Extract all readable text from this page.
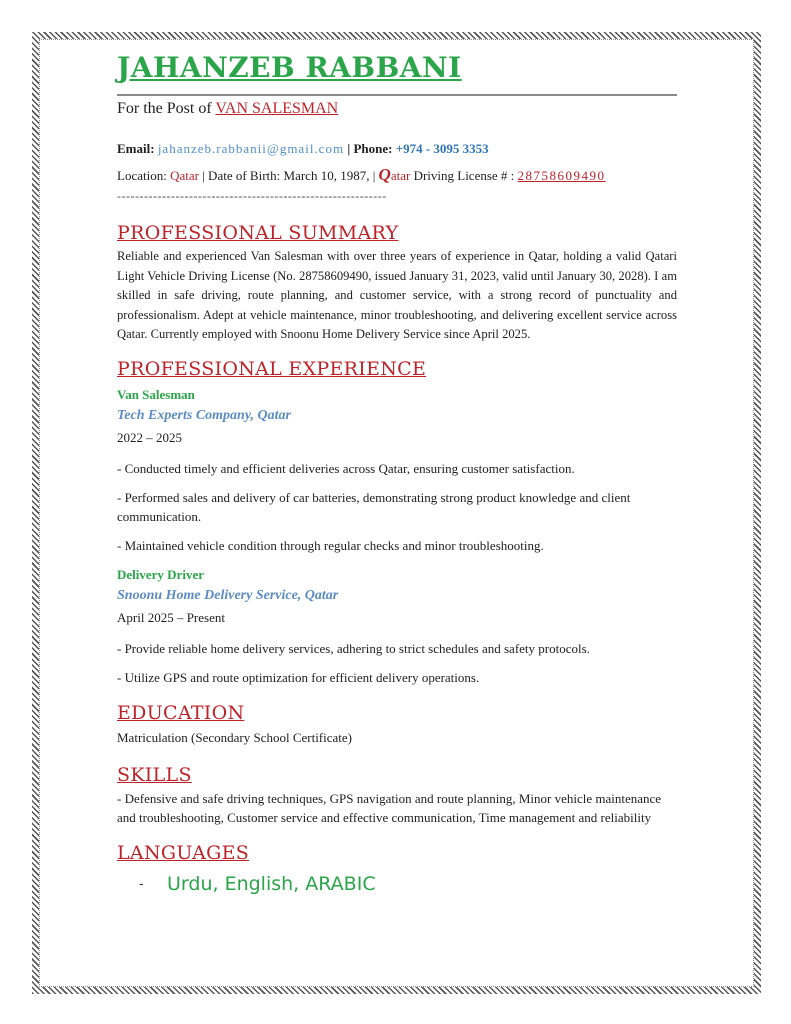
JAHANZEB RABBANI
For the Post of VAN SALESMAN
Email: jahanzeb.rabbanii@gmail.com | Phone: +974 - 3095 3353
Location: Qatar | Date of Birth: March 10, 1987, | Qatar Driving License # : 28758609490
------------------------------------------------------------
PROFESSIONAL SUMMARY

Reliable and experienced Van Salesman with over three years of experience in Qatar, holding a valid Qatari Light Vehicle Driving License (No. 28758609490, issued January 31, 2023, valid until January 30, 2028). I am skilled in safe driving, route planning, and customer service, with a strong record of punctuality and professionalism. Adept at vehicle maintenance, minor troubleshooting, and delivering excellent service across Qatar. Currently employed with Snoonu Home Delivery Service since April 2025.

PROFESSIONAL EXPERIENCE
Van Salesman
Tech Experts Company, Qatar
2022 – 2025
- Conducted timely and efficient deliveries across Qatar, ensuring customer satisfaction.
- Performed sales and delivery of car batteries, demonstrating strong product knowledge and client communication.
- Maintained vehicle condition through regular checks and minor troubleshooting.
Delivery Driver
Snoonu Home Delivery Service, Qatar
April 2025 – Present
- Provide reliable home delivery services, adhering to strict schedules and safety protocols.
- Utilize GPS and route optimization for efficient delivery operations.
EDUCATION
Matriculation (Secondary School Certificate)
SKILLS

- Defensive and safe driving techniques, GPS navigation and route planning, Minor vehicle maintenance and troubleshooting, Customer service and effective communication, Time management and reliability

LANGUAGES
- Urdu, English, ARABIC
